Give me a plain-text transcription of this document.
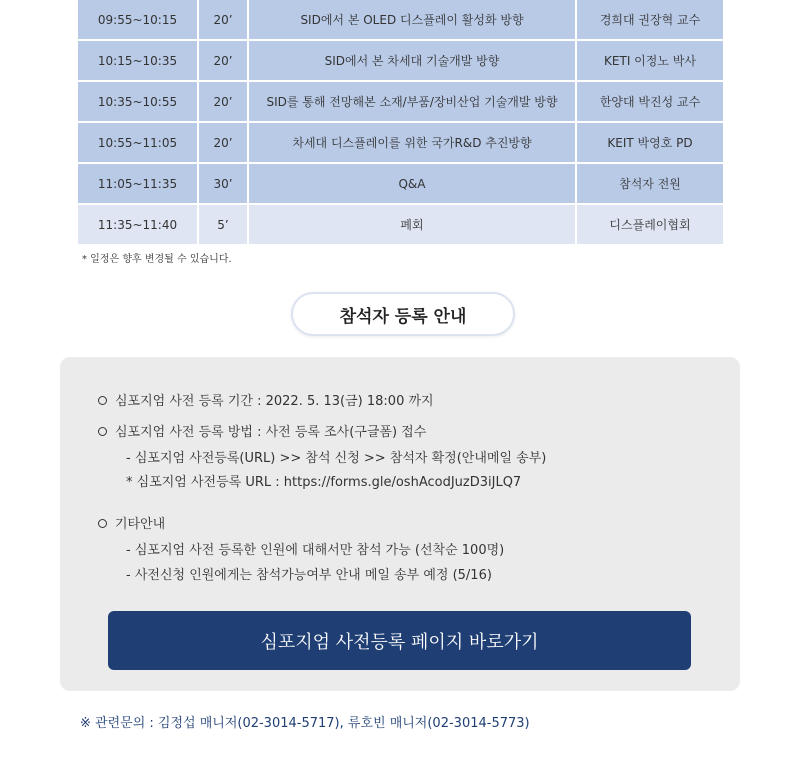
09:55~10:15	20’	SID에서 본 OLED 디스플레이 활성화 방향	경희대 권장혁 교수
10:15~10:35	20’	SID에서 본 차세대 기술개발 방향	KETI 이정노 박사
10:35~10:55	20’	SID를 통해 전망해본 소재/부품/장비산업 기술개발 방향	한양대 박진성 교수
10:55~11:05	20’	차세대 디스플레이를 위한 국가R&D 추진방향	KEIT 박영호 PD
11:05~11:35	30’	Q&A	참석자 전원
11:35~11:40	5’	폐회	디스플레이협회
* 일정은 향후 변경될 수 있습니다.
참석자 등록 안내
심포지엄 사전 등록 기간 : 2022. 5. 13(금) 18:00 까지
심포지엄 사전 등록 방법 : 사전 등록 조사(구글폼) 접수
- 심포지엄 사전등록(URL) >> 참석 신청 >> 참석자 확정(안내메일 송부)
* 심포지엄 사전등록 URL : https://forms.gle/oshAcodJuzD3iJLQ7
기타안내
- 심포지엄 사전 등록한 인원에 대해서만 참석 가능 (선착순 100명)
- 사전신청 인원에게는 참석가능여부 안내 메일 송부 예정 (5/16)
심포지엄 사전등록 페이지 바로가기
※ 관련문의 : 김정섭 매니저(02-3014-5717), 류호빈 매니저(02-3014-5773)
